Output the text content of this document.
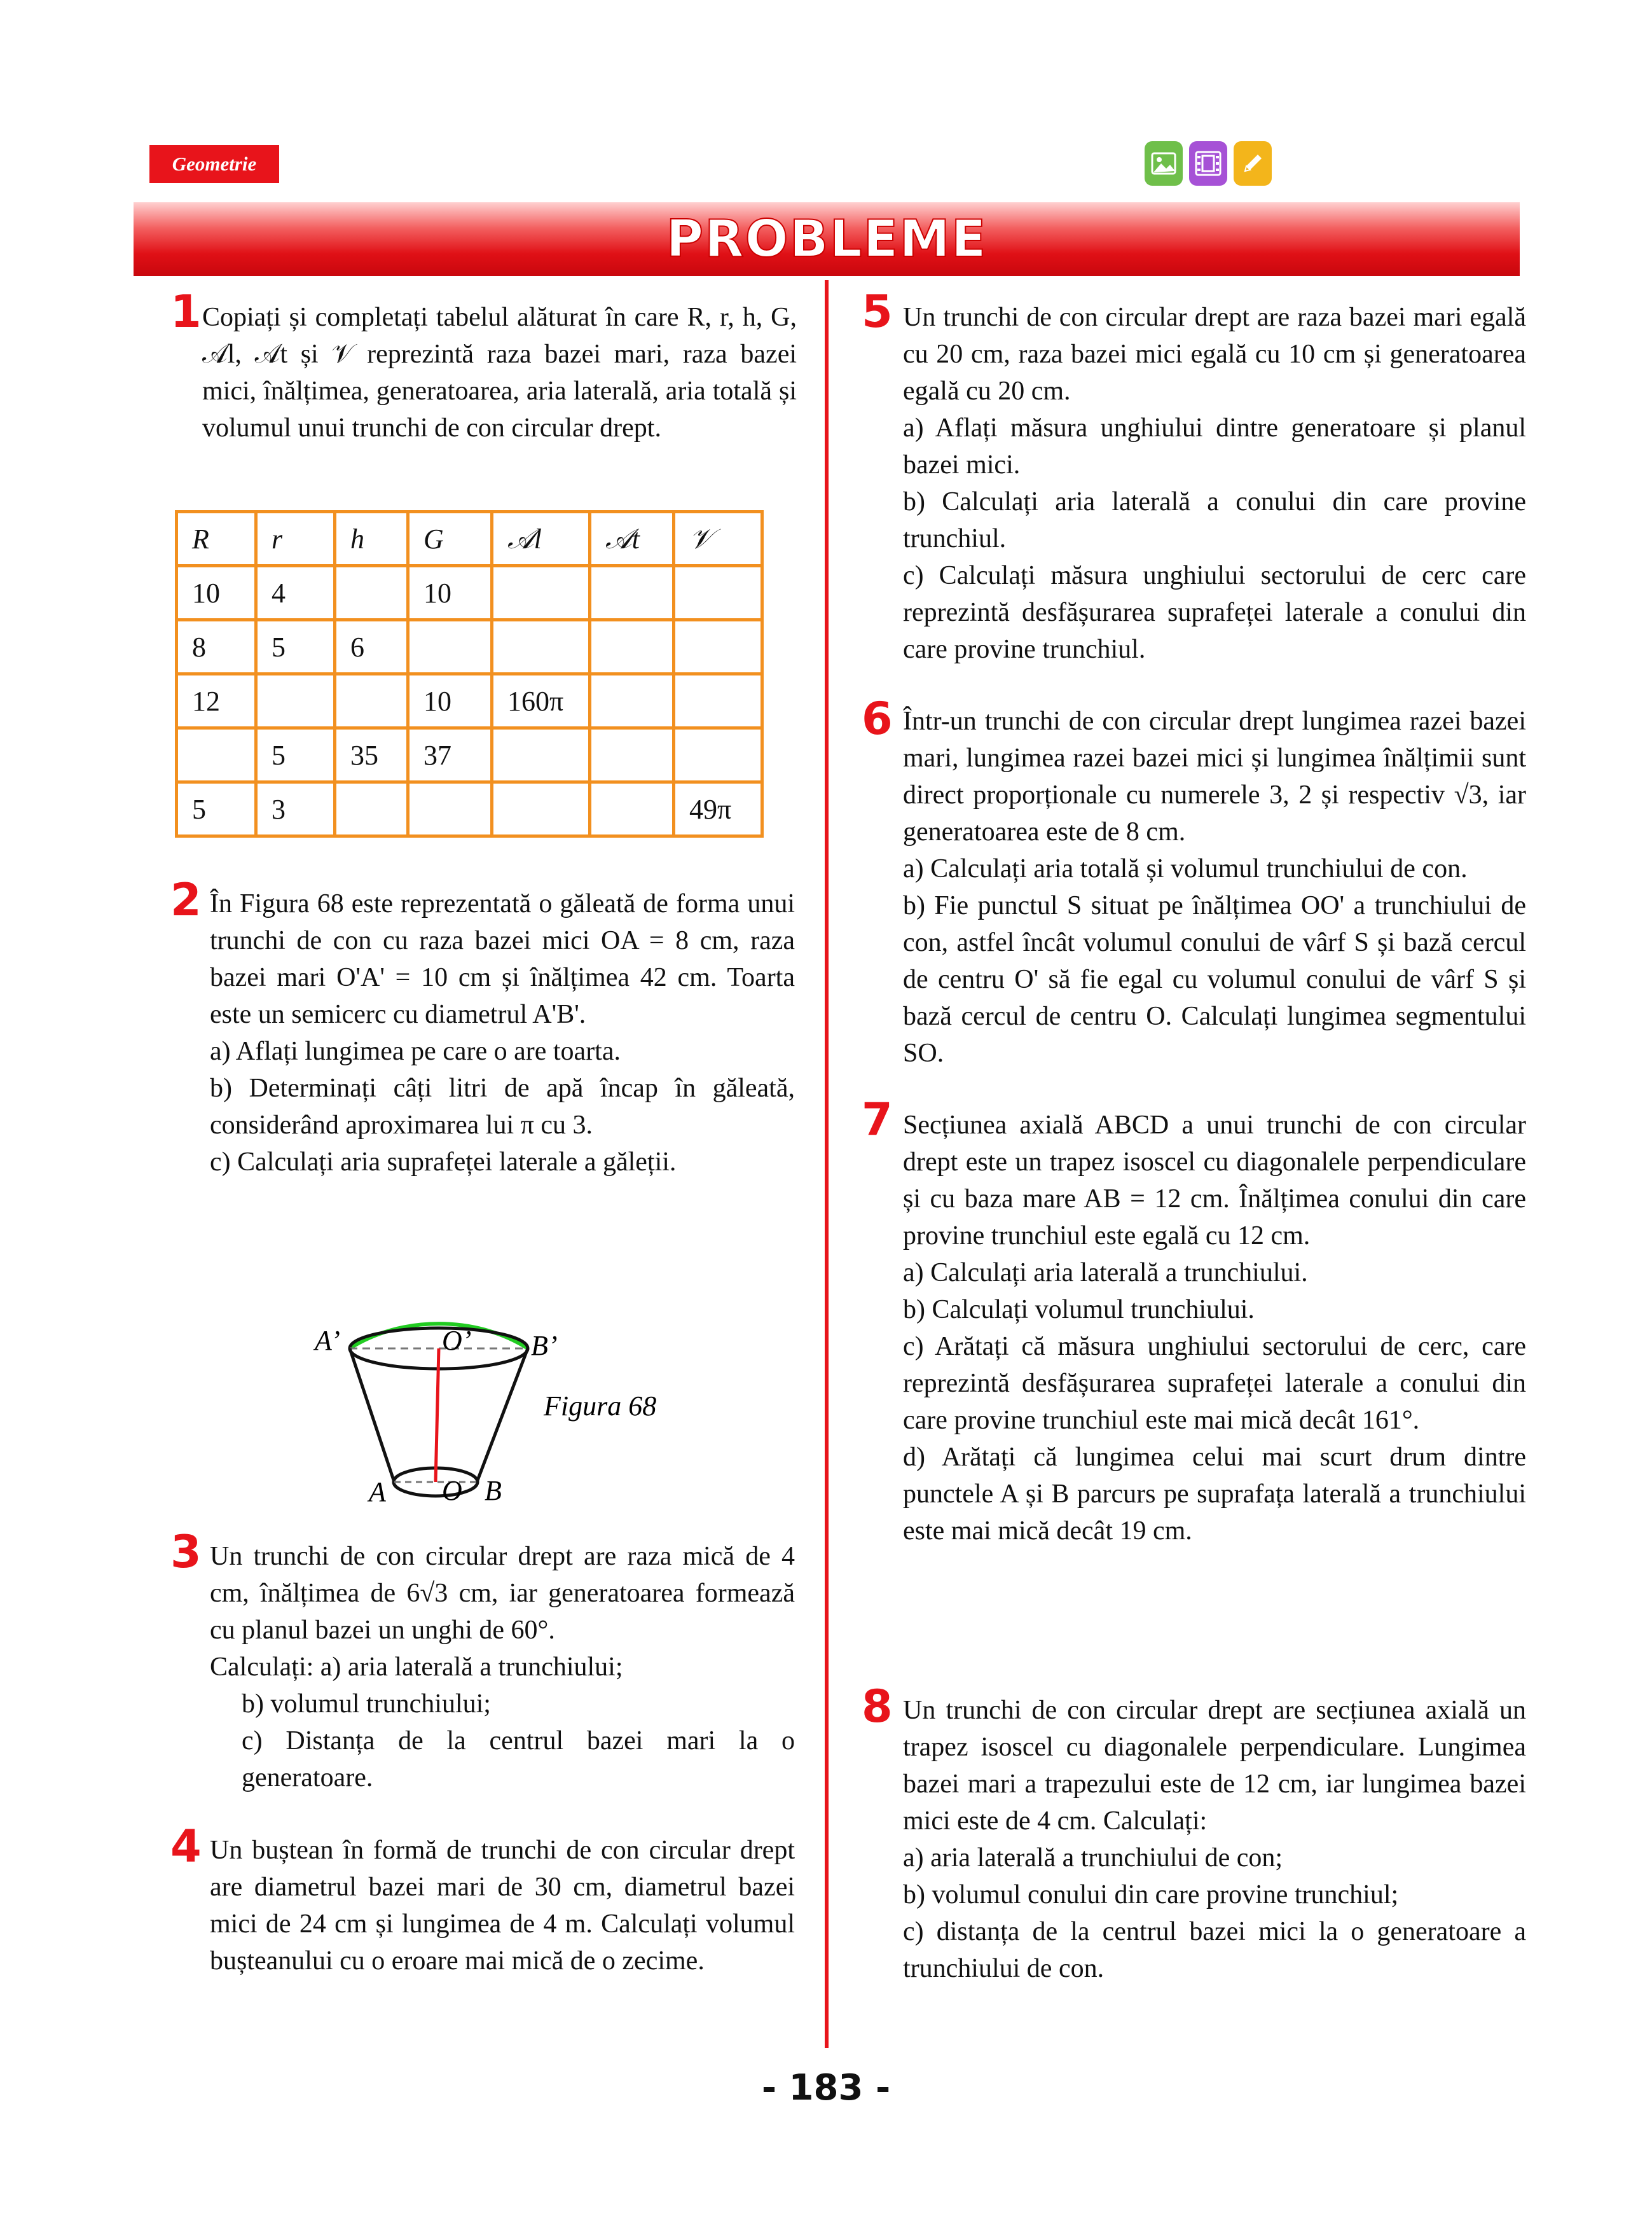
Geometrie
PROBLEME
1 Copiați și completați tabelul alăturat în care R, r, h, G, 𝒜l, 𝒜t și 𝒱 reprezintă raza bazei mari, raza bazei mici, înălțimea, generatoarea, aria laterală, aria totală și volumul unui trunchi de con circular drept.

R	r	h	G	𝒜l	𝒜t	𝒱
10	4		10			
8	5	6				
12			10	160π		
	5	35	37			
5	3					49π
2 În Figura 68 este reprezentată o găleată de forma unui trunchi de con cu raza bazei mici OA = 8 cm, raza bazei mari O'A' = 10 cm și înălțimea 42 cm. Toarta este un semicerc cu diametrul A'B'.

a) Aflați lungimea pe care o are toarta.

b) Determinați câți litri de apă încap în găleată, considerând aproximarea lui π cu 3.

c) Calculați aria suprafeței laterale a găleții.

A’	O’ B’
A O B
Figura 68
3 Un trunchi de con circular drept are raza mică de 4 cm, înălțimea de 6√3 cm, iar generatoarea formează cu planul bazei un unghi de 60°.

Calculați: a) aria laterală a trunchiului;

b) volumul trunchiului;

c) Distanța de la centrul bazei mari la o generatoare.

4 Un buștean în formă de trunchi de con circular drept are diametrul bazei mari de 30 cm, diametrul bazei mici de 24 cm și lungimea de 4 m. Calculați volumul bușteanului cu o eroare mai mică de o zecime.

5 Un trunchi de con circular drept are raza bazei mari egală cu 20 cm, raza bazei mici egală cu 10 cm și generatoarea egală cu 20 cm.

a) Aflați măsura unghiului dintre generatoare și planul bazei mici.

b) Calculați aria laterală a conului din care provine trunchiul.

c) Calculați măsura unghiului sectorului de cerc care reprezintă desfășurarea suprafeței laterale a conului din care provine trunchiul.

6 Într-un trunchi de con circular drept lungimea razei bazei mari, lungimea razei bazei mici și lungimea înălțimii sunt direct proporționale cu numerele 3, 2 și respectiv √3, iar generatoarea este de 8 cm.

a) Calculați aria totală și volumul trunchiului de con.

b) Fie punctul S situat pe înălțimea OO' a trunchiului de con, astfel încât volumul conului de vârf S și bază cercul de centru O' să fie egal cu volumul conului de vârf S și bază cercul de centru O. Calculați lungimea segmentului SO.

7 Secțiunea axială ABCD a unui trunchi de con circular drept este un trapez isoscel cu diagonalele perpendiculare și cu baza mare AB = 12 cm. Înălțimea conului din care provine trunchiul este egală cu 12 cm.

a) Calculați aria laterală a trunchiului.

b) Calculați volumul trunchiului.

c) Arătați că măsura unghiului sectorului de cerc, care reprezintă desfășurarea suprafeței laterale a conului din care provine trunchiul este mai mică decât 161°.

d) Arătați că lungimea celui mai scurt drum dintre punctele A și B parcurs pe suprafața laterală a trunchiului este mai mică decât 19 cm.

8 Un trunchi de con circular drept are secțiunea axială un trapez isoscel cu diagonalele perpendiculare. Lungimea bazei mari a trapezului este de 12 cm, iar lungimea bazei mici este de 4 cm. Calculați:

a) aria laterală a trunchiului de con;

b) volumul conului din care provine trunchiul;

c) distanța de la centrul bazei mici la o generatoare a trunchiului de con.

- 183 -
